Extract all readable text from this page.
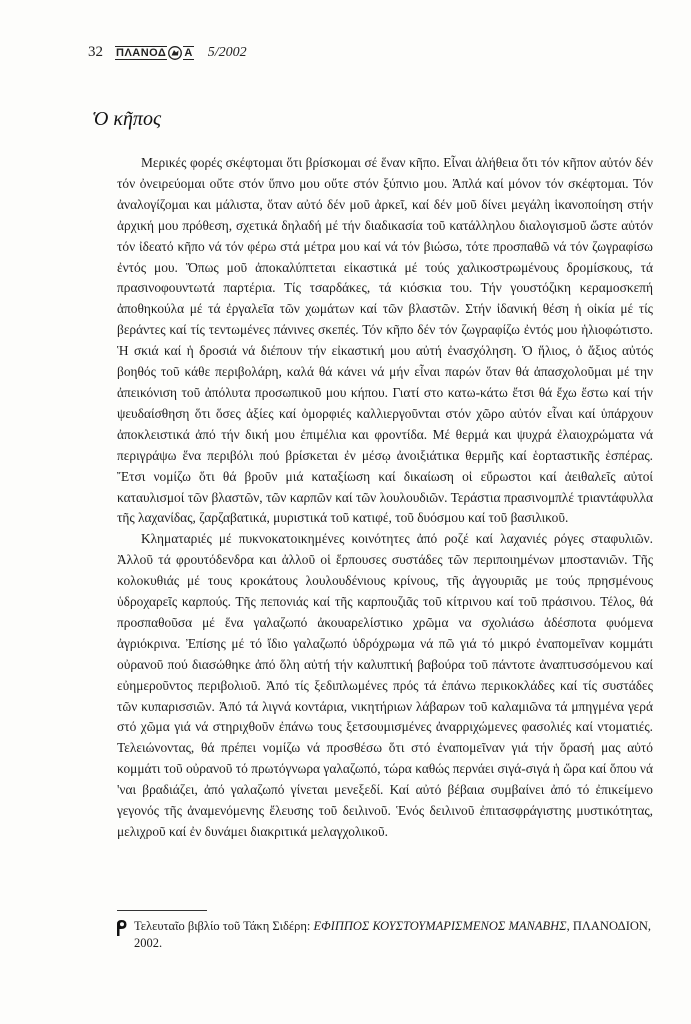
32 ΠΛΑΝΟΔ Α 5/2002
Ὁ κῆπος

Μερικές φορές σκέφτομαι ὅτι βρίσκομαι σέ ἕναν κῆπο. Εἶναι ἀλήθεια ὅτι τόν κῆπον αὐτόν δέν τόν ὀνειρεύομαι οὔτε στόν ὕπνο μου οὔτε στόν ξύπνιο μου. Ἁπλά καί μόνον τόν σκέφτομαι. Τόν ἀναλογίζομαι και μάλιστα, ὅταν αὐτό δέν μοῦ ἀρκεῖ, καί δέν μοῦ δίνει μεγάλη ἱκανοποίηση στήν ἀρχική μου πρόθεση, σχετικά δηλαδή μέ τήν διαδικασία τοῦ κατάλληλου διαλογισμοῦ ὥστε αὐτόν τόν ἰδεατό κῆπο νά τόν φέρω στά μέτρα μου καί νά τόν βιώσω, τότε προσπαθῶ νά τόν ζωγραφίσω ἐντός μου. Ὅπως μοῦ ἀποκαλύπτεται εἰκαστικά μέ τούς χαλικοστρωμένους δρομίσκους, τά πρασινοφουντωτά παρτέρια. Τίς τσαρδάκες, τά κιόσκια του. Τήν γουστόζικη κεραμοσκεπή ἀποθηκούλα μέ τά ἐργαλεῖα τῶν χωμάτων καί τῶν βλαστῶν. Στήν ἰδανική θέση ἡ οἰκία μέ τίς βεράντες καί τίς τεντωμένες πάνινες σκεπές. Τόν κῆπο δέν τόν ζωγραφίζω ἐντός μου ἡλιοφώτιστο. Ἡ σκιά καί ἡ δροσιά νά διέπουν τήν εἰκαστική μου αὐτή ἐνασχόληση. Ὁ ἥλιος, ὁ ἄξιος αὐτός βοηθός τοῦ κάθε περιβολάρη, καλά θά κάνει νά μήν εἶναι παρών ὅταν θά ἀπασχολοῦμαι μέ την ἀπεικόνιση τοῦ ἀπόλυτα προσωπικοῦ μου κήπου. Γιατί στο κατω-κάτω ἔτσι θά ἔχω ἔστω καί τήν ψευδαίσθηση ὅτι ὅσες ἀξίες καί ὀμορφιές καλλιεργοῦνται στόν χῶρο αὐτόν εἶναι καί ὑπάρχουν ἀποκλειστικά ἀπό τήν δική μου ἐπιμέλια και φροντίδα. Μέ θερμά και ψυχρά ἐλαιοχρώματα νά περιγράψω ἕνα περιβόλι πού βρίσκεται ἐν μέσῳ ἀνοιξιάτικα θερμῆς καί ἑορταστικῆς ἑσπέρας. Ἔτσι νομίζω ὅτι θά βροῦν μιά καταξίωση καί δικαίωση οἱ εὔρωστοι καί ἀειθαλεῖς αὐτοί καταυλισμοί τῶν βλαστῶν, τῶν καρπῶν καί τῶν λουλουδιῶν. Τεράστια πρασινομπλέ τριαντάφυλλα τῆς λαχανίδας, ζαρζαβατικά, μυριστικά τοῦ κατιφέ, τοῦ δυόσμου καί τοῦ βασιλικοῦ.

Κληματαριές μέ πυκνοκατοικημένες κοινότητες ἀπό ροζέ καί λαχανιές ρόγες σταφυλιῶν. Ἀλλοῦ τά φρουτόδενδρα και ἀλλοῦ οἱ ἕρπουσες συστάδες τῶν περιποιημένων μποστανιῶν. Τῆς κολοκυθιάς μέ τους κροκάτους λουλουδένιους κρίνους, τῆς ἀγγουριᾶς με τούς πρησμένους ὑδροχαρεῖς καρπούς. Τῆς πεπονιάς καί τῆς καρπουζιᾶς τοῦ κίτρινου καί τοῦ πράσινου. Τέλος, θά προσπαθοῦσα μέ ἕνα γαλαζωπό ἀκουαρελίστικο χρῶμα να σχολιάσω ἀδέσποτα φυόμενα ἀγριόκρινα. Ἐπίσης μέ τό ἴδιο γαλαζωπό ὑδρόχρωμα νά πῶ γιά τό μικρό ἐναπομεῖναν κομμάτι οὐρανοῦ πού διασώθηκε ἀπό ὅλη αὐτή τήν καλυπτική βαβούρα τοῦ πάντοτε ἀναπτυσσόμενου καί εὐημεροῦντος περιβολιοῦ. Ἀπό τίς ξεδιπλωμένες πρός τά ἐπάνω περικοκλάδες καί τίς συστάδες τῶν κυπαρισσιῶν. Ἀπό τά λιγνά κοντάρια, νικητήριων λάβαρων τοῦ καλαμιῶνα τά μπηγμένα γερά στό χῶμα γιά νά στηριχθοῦν ἐπάνω τους ξετσουμισμένες ἀναρριχώμενες φασολιές καί ντοματιές. Τελειώνοντας, θά πρέπει νομίζω νά προσθέσω ὅτι στό ἐναπομεῖναν γιά τήν ὅρασή μας αὐτό κομμάτι τοῦ οὐρανοῦ τό πρωτόγνωρα γαλαζωπό, τώρα καθώς περνάει σιγά-σιγά ἡ ὥρα καί ὅπου νά 'ναι βραδιάζει, ἀπό γαλαζωπό γίνεται μενεξεδί. Καί αὐτό βέβαια συμβαίνει ἀπό τό ἐπικείμενο γεγονός τῆς ἀναμενόμενης ἔλευσης τοῦ δειλινοῦ. Ἑνός δειλινοῦ ἐπιτασφράγιστης μυστικότητας, μελιχροῦ καί ἐν δυνάμει διακριτικά μελαγχολικοῦ.

Τελευταῖο βιβλίο τοῦ Τάκη Σιδέρη: ΕΦΙΠΠΟΣ ΚΟΥΣΤΟΥΜΑΡΙΣΜΕΝΟΣ ΜΑΝΑΒΗΣ, ΠΛΑΝΟΔΙΟΝ,
2002.
